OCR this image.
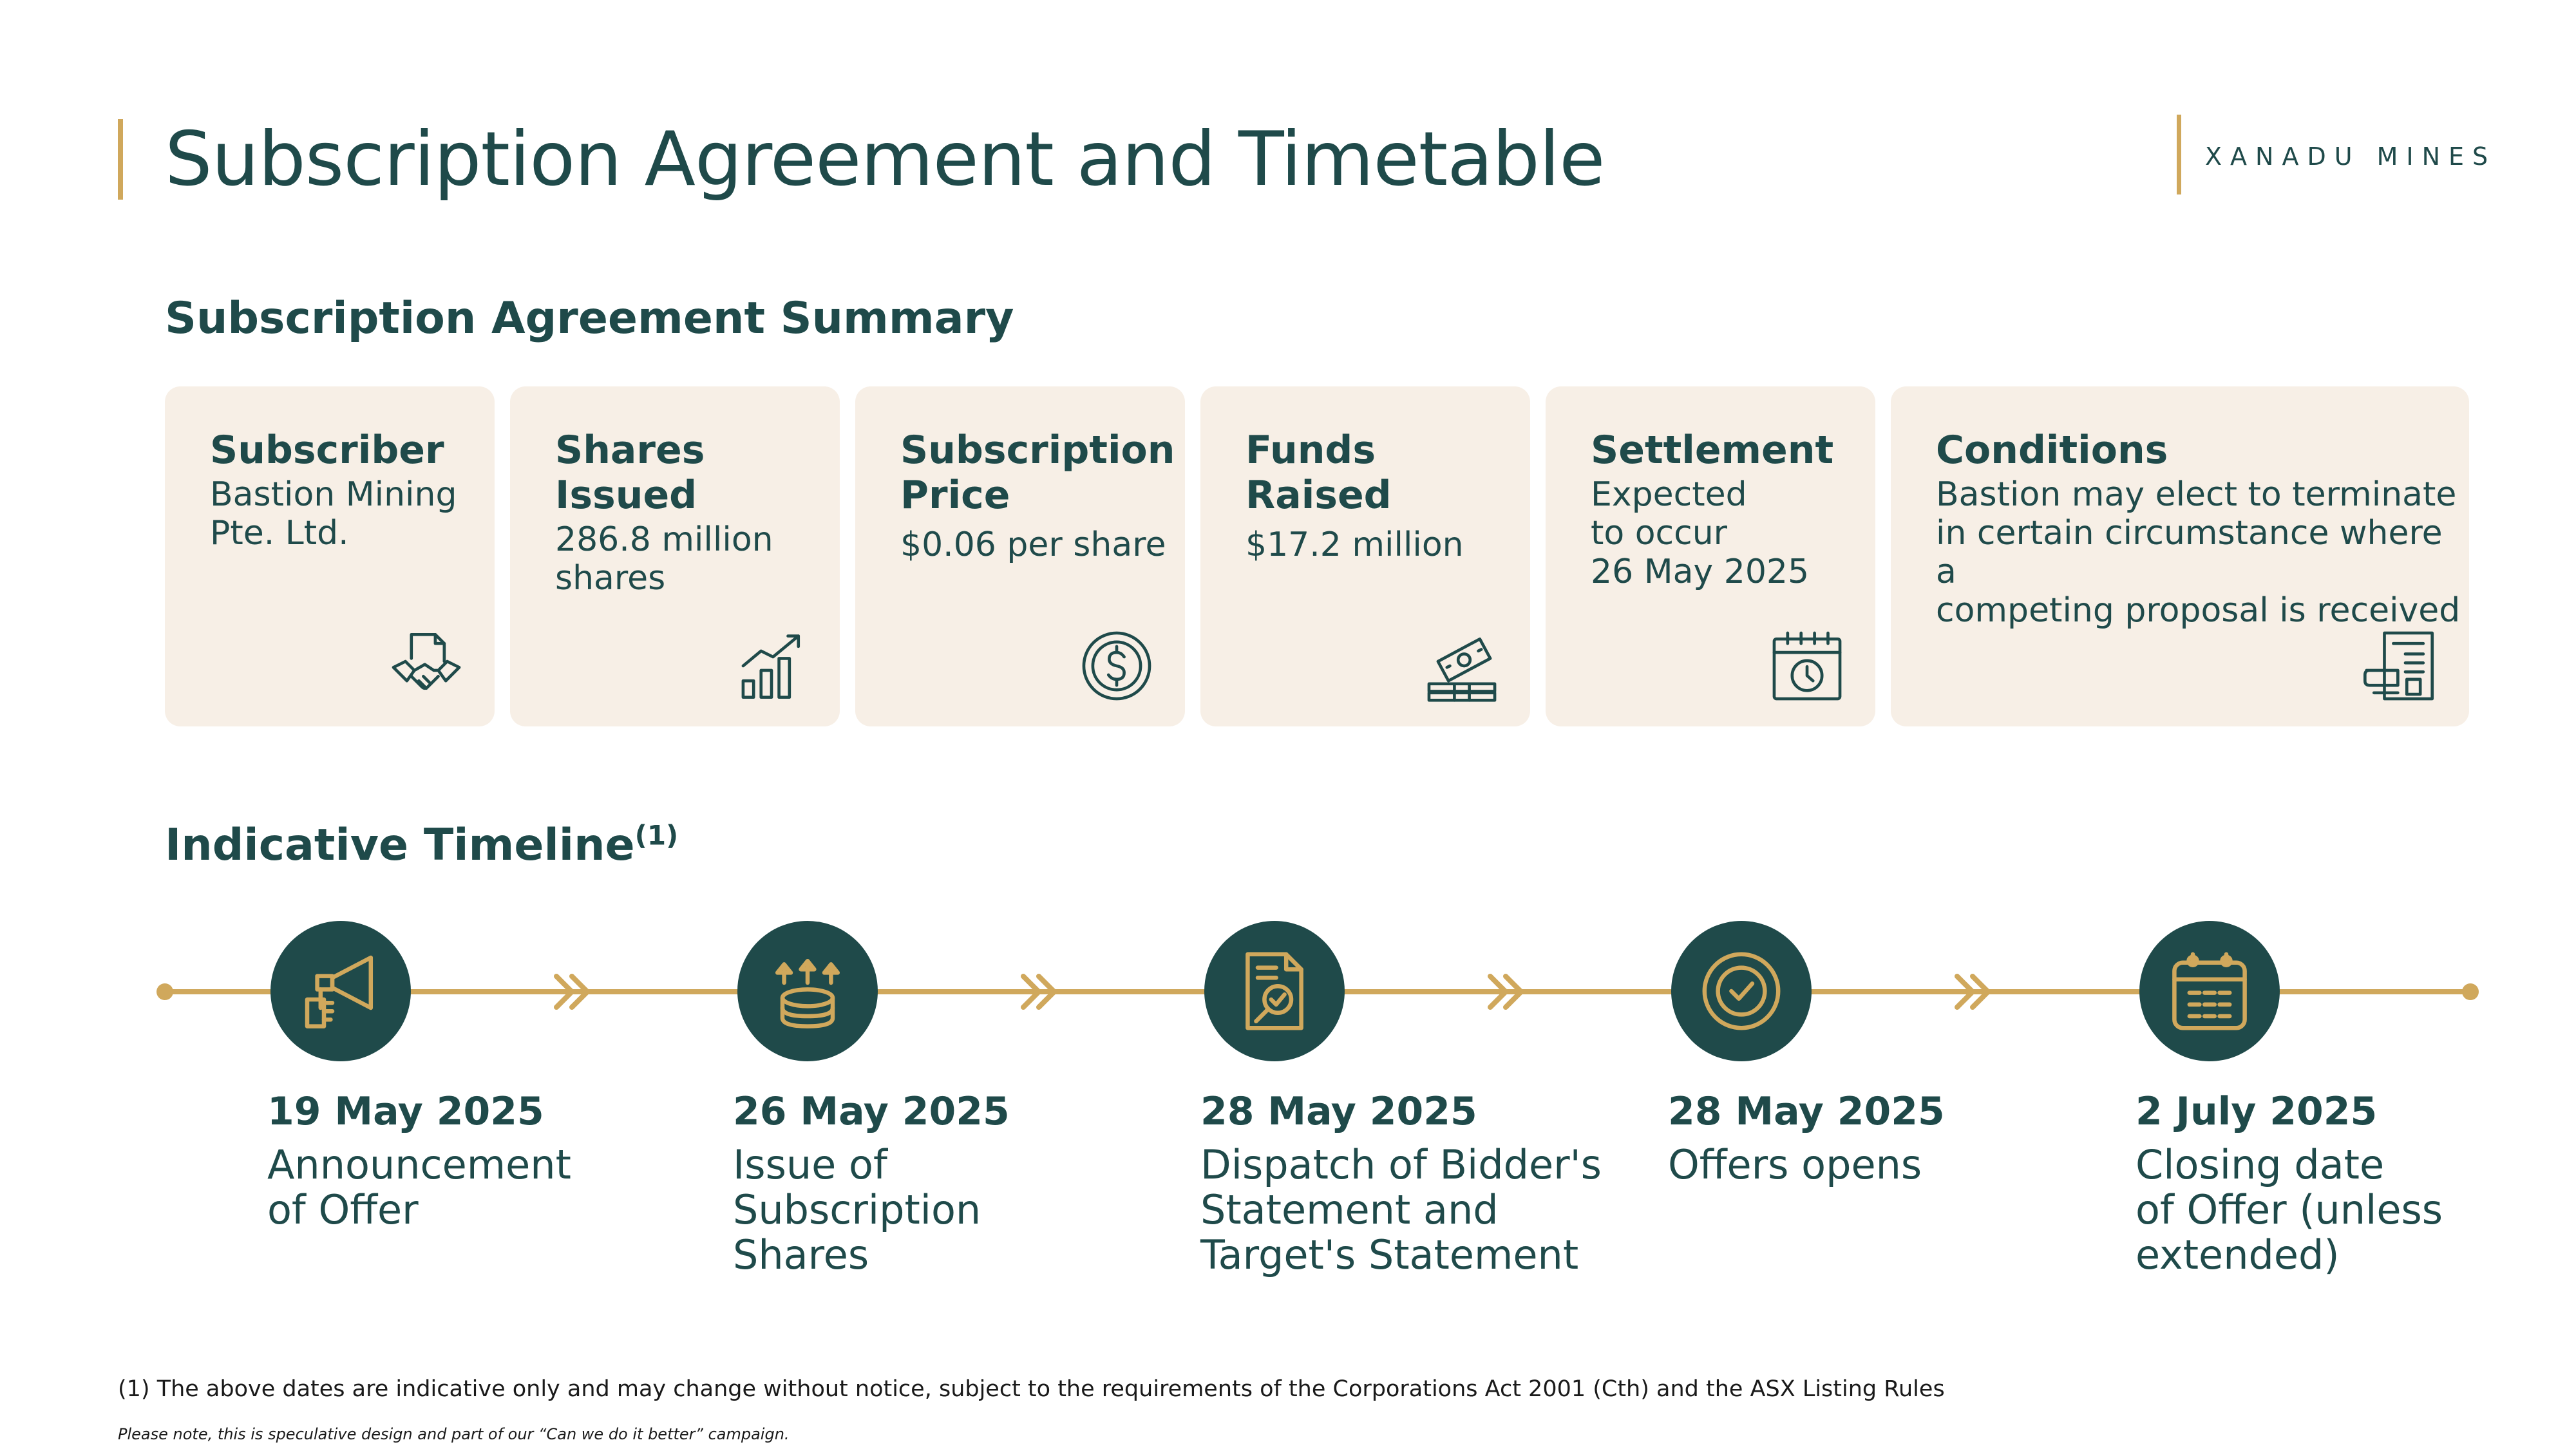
Subscription Agreement and Timetable	XANADU MINES
Subscription Agreement Summary
Subscriber
Bastion Mining
Pte. Ltd.
Shares Issued
286.8 million
shares
Subscription
Price
$0.06 per share
Funds
Raised
$17.2 million
Settlement
Expected
to occur
26 May 2025
Conditions
Bastion may elect to terminate
in certain circumstance where a
competing proposal is received
Indicative Timeline$^{(1)}$
19 May 2025
Announcement
of Offer
26 May 2025
Issue of
Subscription
Shares
28 May 2025
Dispatch of Bidder's
Statement and
Target's Statement
28 May 2025
Offers opens
2 July 2025
Closing date
of Offer (unless
extended)
(1) The above dates are indicative only and may change without notice, subject to the requirements of the Corporations Act 2001 (Cth) and the ASX Listing Rules
Please note, this is speculative design and part of our “Can we do it better” campaign.
